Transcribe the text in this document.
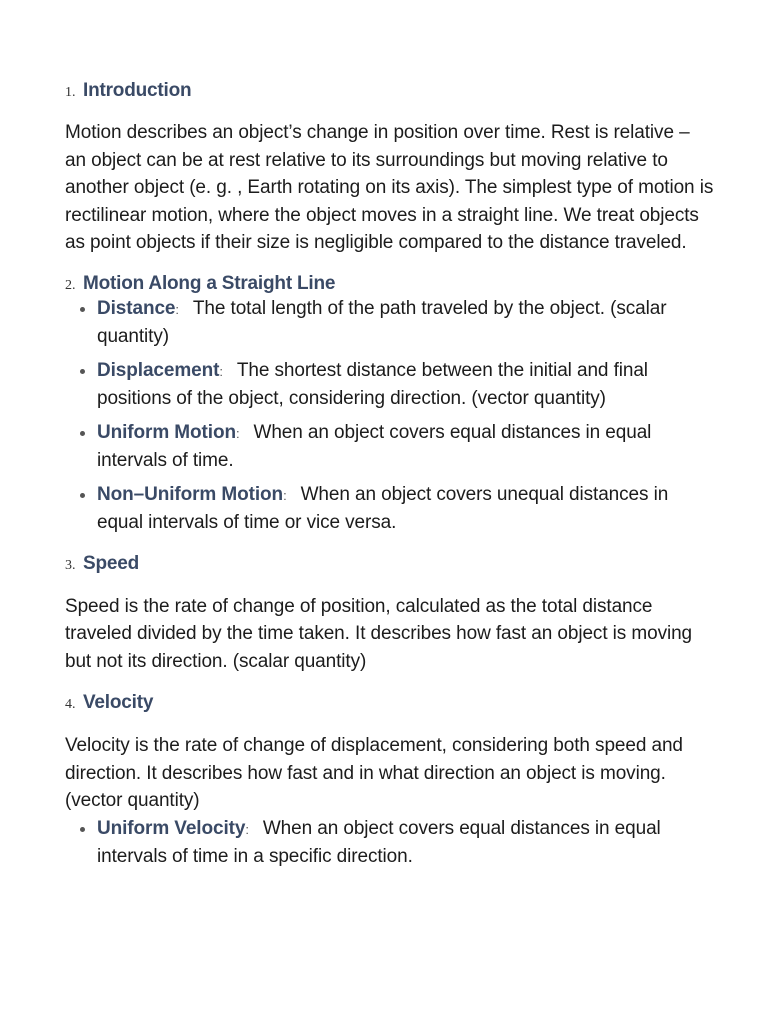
1. Introduction

Motion describes an object’s change in position over time. Rest is relative – an object can be at rest relative to its surroundings but moving relative to another object (e. g. , Earth rotating on its axis). The simplest type of motion is rectilinear motion, where the object moves in a straight line. We treat objects as point objects if their size is negligible compared to the distance traveled.

2. Motion Along a Straight Line
Distance: The total length of the path traveled by the object. (scalar quantity)
Displacement: The shortest distance between the initial and final positions of the object, considering direction. (vector quantity)
Uniform Motion: When an object covers equal distances in equal intervals of time.
Non–Uniform Motion: When an object covers unequal distances in equal intervals of time or vice versa.
3. Speed

Speed is the rate of change of position, calculated as the total distance traveled divided by the time taken. It describes how fast an object is moving but not its direction. (scalar quantity)

4. Velocity

Velocity is the rate of change of displacement, considering both speed and direction. It describes how fast and in what direction an object is moving. (vector quantity)

Uniform Velocity: When an object covers equal distances in equal intervals of time in a specific direction.
